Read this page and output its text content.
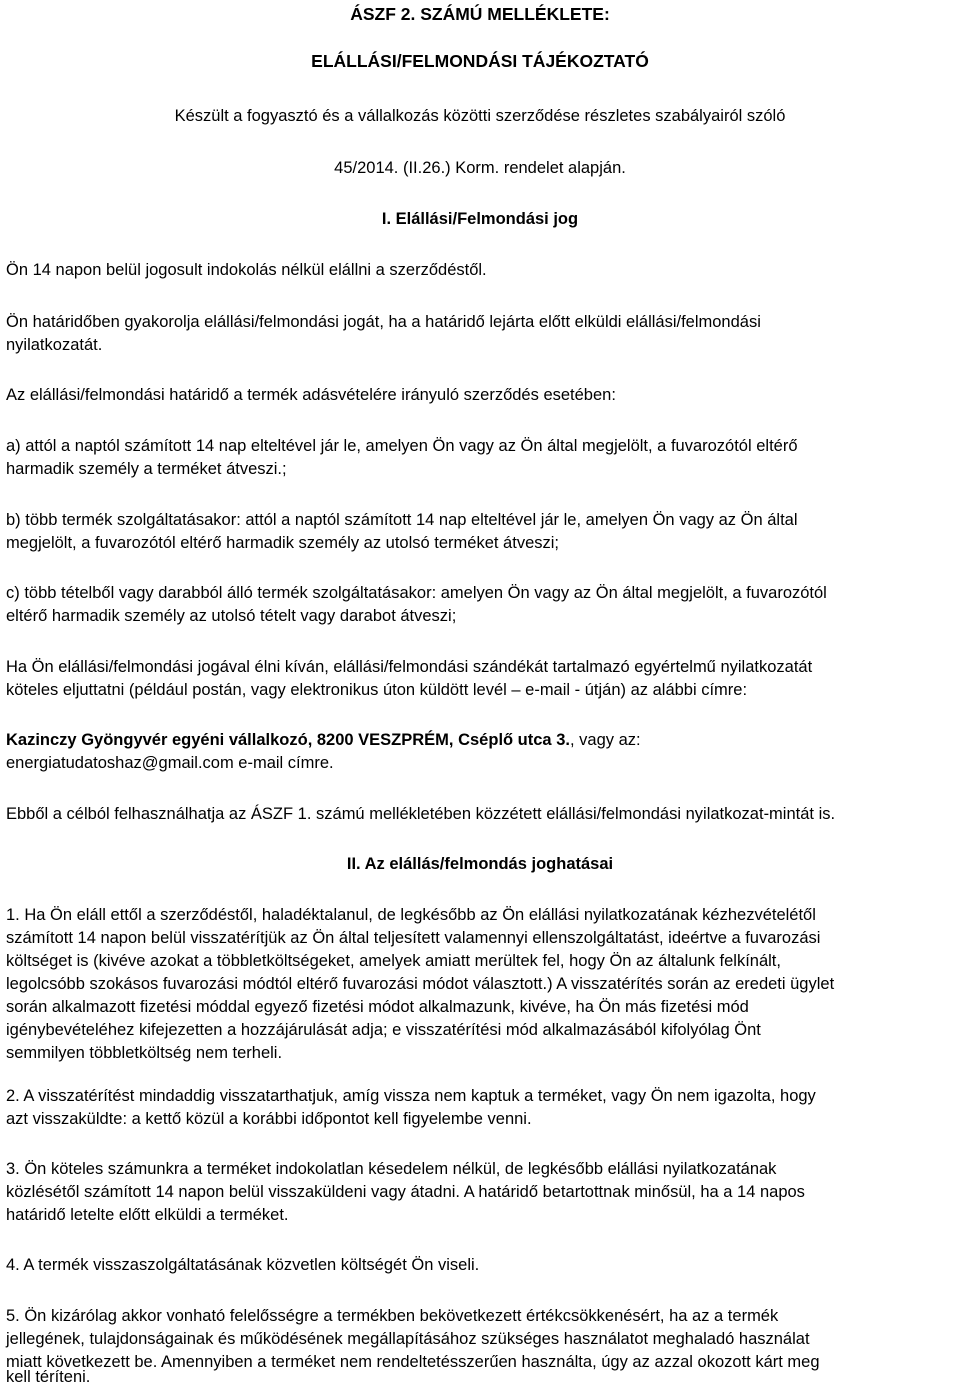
ÁSZF 2. SZÁMÚ MELLÉKLETE:
ELÁLLÁSI/FELMONDÁSI TÁJÉKOZTATÓ
Készült a fogyasztó és a vállalkozás közötti szerződése részletes szabályairól szóló
45/2014. (II.26.) Korm. rendelet alapján.
I. Elállási/Felmondási jog
Ön 14 napon belül jogosult indokolás nélkül elállni a szerződéstől.
Ön határidőben gyakorolja elállási/felmondási jogát, ha a határidő lejárta előtt elküldi elállási/felmondási
nyilatkozatát.
Az elállási/felmondási határidő a termék adásvételére irányuló szerződés esetében:
a) attól a naptól számított 14 nap elteltével jár le, amelyen Ön vagy az Ön által megjelölt, a fuvarozótól eltérő
harmadik személy a terméket átveszi.;
b) több termék szolgáltatásakor: attól a naptól számított 14 nap elteltével jár le, amelyen Ön vagy az Ön által
megjelölt, a fuvarozótól eltérő harmadik személy az utolsó terméket átveszi;
c) több tételből vagy darabból álló termék szolgáltatásakor: amelyen Ön vagy az Ön által megjelölt, a fuvarozótól
eltérő harmadik személy az utolsó tételt vagy darabot átveszi;
Ha Ön elállási/felmondási jogával élni kíván, elállási/felmondási szándékát tartalmazó egyértelmű nyilatkozatát
köteles eljuttatni (például postán, vagy elektronikus úton küldött levél – e-mail - útján) az alábbi címre:
Kazinczy Gyöngyvér egyéni vállalkozó, 8200 VESZPRÉM, Cséplő utca 3., vagy az:
energiatudatoshaz@gmail.com e-mail címre.
Ebből a célból felhasználhatja az ÁSZF 1. számú mellékletében közzétett elállási/felmondási nyilatkozat-mintát is.
II. Az elállás/felmondás joghatásai
1. Ha Ön eláll ettől a szerződéstől, haladéktalanul, de legkésőbb az Ön elállási nyilatkozatának kézhezvételétől
számított 14 napon belül visszatérítjük az Ön által teljesített valamennyi ellenszolgáltatást, ideértve a fuvarozási
költséget is (kivéve azokat a többletköltségeket, amelyek amiatt merültek fel, hogy Ön az általunk felkínált,
legolcsóbb szokásos fuvarozási módtól eltérő fuvarozási módot választott.) A visszatérítés során az eredeti ügylet
során alkalmazott fizetési móddal egyező fizetési módot alkalmazunk, kivéve, ha Ön más fizetési mód
igénybevételéhez kifejezetten a hozzájárulását adja; e visszatérítési mód alkalmazásából kifolyólag Önt
semmilyen többletköltség nem terheli.
2. A visszatérítést mindaddig visszatarthatjuk, amíg vissza nem kaptuk a terméket, vagy Ön nem igazolta, hogy
azt visszaküldte: a kettő közül a korábbi időpontot kell figyelembe venni.
3. Ön köteles számunkra a terméket indokolatlan késedelem nélkül, de legkésőbb elállási nyilatkozatának
közlésétől számított 14 napon belül visszaküldeni vagy átadni. A határidő betartottnak minősül, ha a 14 napos
határidő letelte előtt elküldi a terméket.
4. A termék visszaszolgáltatásának közvetlen költségét Ön viseli.
5. Ön kizárólag akkor vonható felelősségre a termékben bekövetkezett értékcsökkenésért, ha az a termék
jellegének, tulajdonságainak és működésének megállapításához szükséges használatot meghaladó használat
miatt következett be. Amennyiben a terméket nem rendeltetésszerűen használta, úgy az azzal okozott kárt meg
kell téríteni.
